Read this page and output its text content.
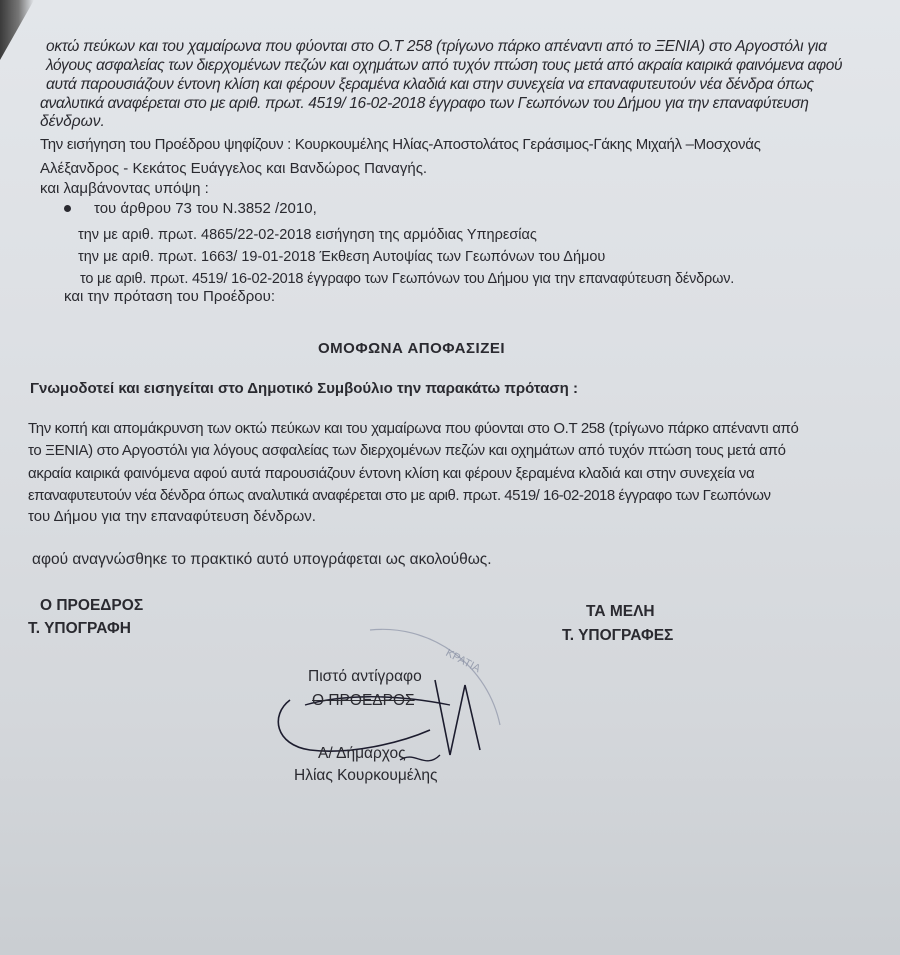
οκτώ πεύκων και του χαμαίρωνα που φύονται στο Ο.Τ 258 (τρίγωνο πάρκο απέναντι από το ΞΕΝΙΑ) στο Αργοστόλι για
λόγους ασφαλείας των διερχομένων πεζών και οχημάτων από τυχόν πτώση τους μετά από ακραία καιρικά φαινόμενα αφού
αυτά παρουσιάζουν έντονη κλίση και φέρουν ξεραμένα κλαδιά και στην συνεχεία να επαναφυτευτούν νέα δένδρα όπως
αναλυτικά αναφέρεται στο με αριθ. πρωτ. 4519/ 16-02-2018 έγγραφο των Γεωπόνων του Δήμου για την επαναφύτευση
δένδρων.
Την εισήγηση του Προέδρου ψηφίζουν : Κουρκουμέλης Ηλίας-Αποστολάτος Γεράσιμος-Γάκης Μιχαήλ –Μοσχονάς
Αλέξανδρος - Κεκάτος Ευάγγελος και Βανδώρος Παναγής.
και λαμβάνοντας υπόψη :
του άρθρου 73 του Ν.3852 /2010,
την με αριθ. πρωτ. 4865/22-02-2018 εισήγηση της αρμόδιας Υπηρεσίας
την με αριθ. πρωτ. 1663/ 19-01-2018 Έκθεση Αυτοψίας των Γεωπόνων του Δήμου
το με αριθ. πρωτ. 4519/ 16-02-2018 έγγραφο των Γεωπόνων του Δήμου για την επαναφύτευση δένδρων.
και την πρόταση του Προέδρου:
ΟΜΟΦΩΝΑ ΑΠΟΦΑΣΙΖΕΙ
Γνωμοδοτεί και εισηγείται στο Δημοτικό Συμβούλιο την παρακάτω πρόταση :
Την κοπή και απομάκρυνση των οκτώ πεύκων και του χαμαίρωνα που φύονται στο Ο.Τ 258 (τρίγωνο πάρκο απέναντι από
το ΞΕΝΙΑ) στο Αργοστόλι για λόγους ασφαλείας των διερχομένων πεζών και οχημάτων από τυχόν πτώση τους μετά από
ακραία καιρικά φαινόμενα αφού αυτά παρουσιάζουν έντονη κλίση και φέρουν ξεραμένα κλαδιά και στην συνεχεία να
επαναφυτευτούν νέα δένδρα όπως αναλυτικά αναφέρεται στο με αριθ. πρωτ. 4519/ 16-02-2018 έγγραφο των Γεωπόνων
του Δήμου για την επαναφύτευση δένδρων.
αφού αναγνώσθηκε το πρακτικό αυτό υπογράφεται ως ακολούθως.
Ο ΠΡΟΕΔΡΟΣ
Τ. ΥΠΟΓΡΑΦΗ
ΤΑ ΜΕΛΗ
Τ. ΥΠΟΓΡΑΦΕΣ
ΚΡΑΤΙΑ
Πιστό αντίγραφο
Ο ΠΡΟΕΔΡΟΣ
Α/ Δήμαρχος
Ηλίας Κουρκουμέλης
